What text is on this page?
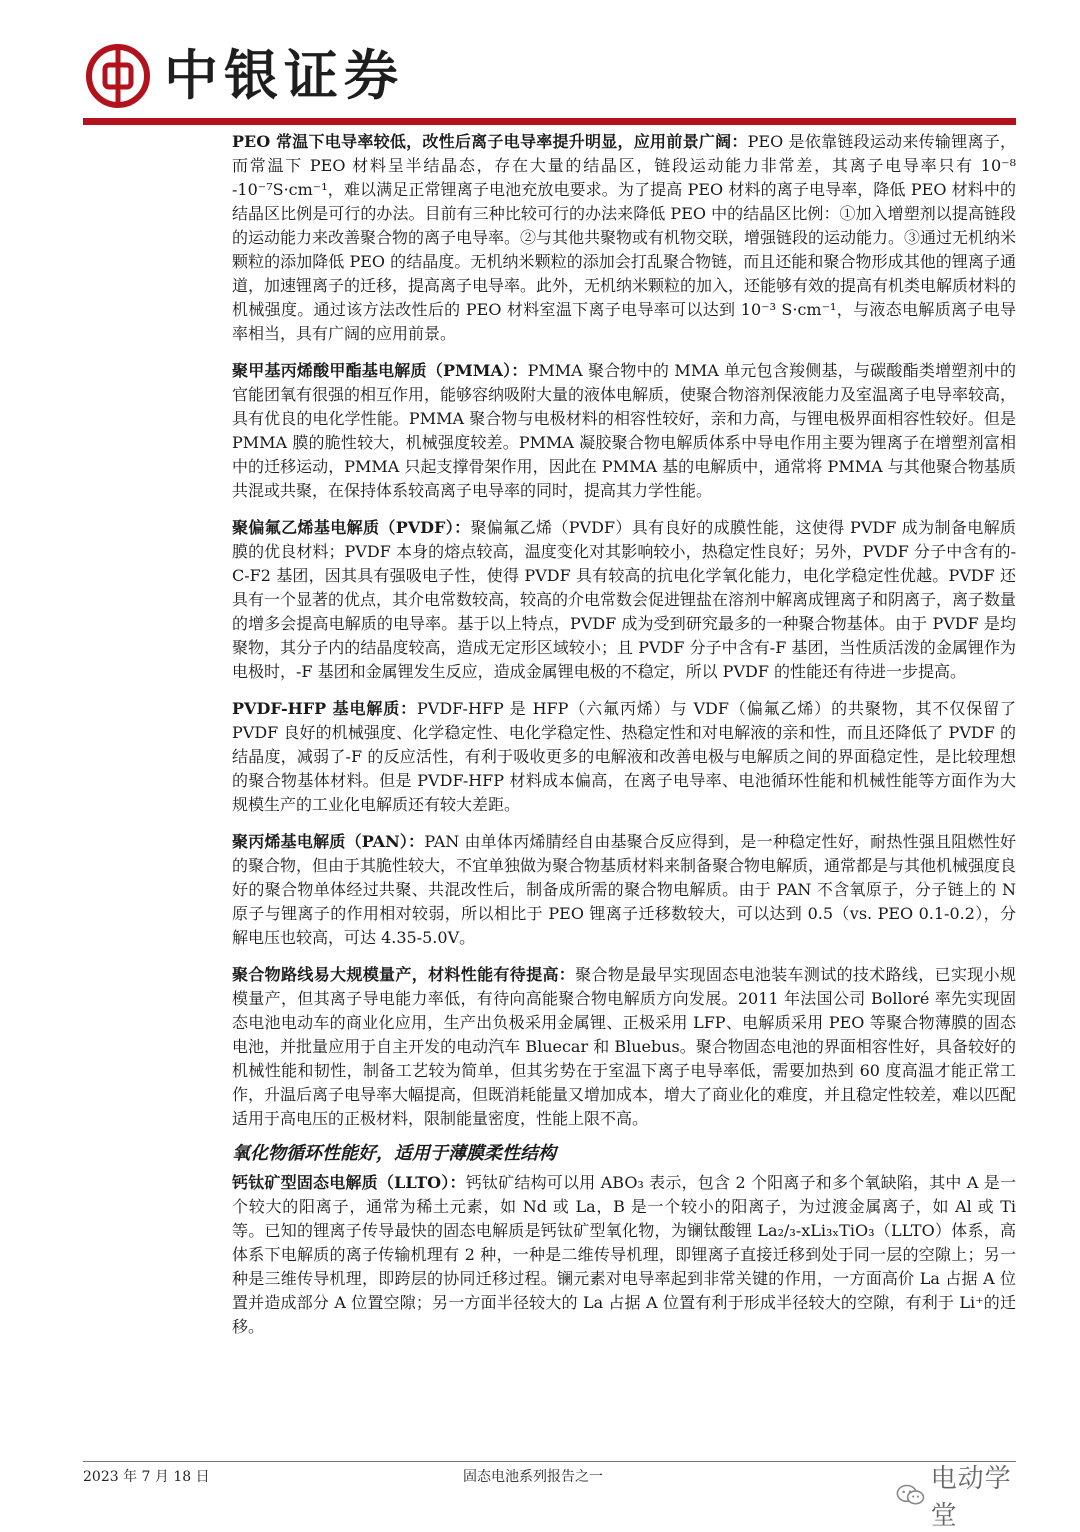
中银证券

PEO 常温下电导率较低，改性后离子电导率提升明显，应用前景广阔：PEO 是依靠链段运动来传输锂离子，而常温下 PEO 材料呈半结晶态，存在大量的结晶区，链段运动能力非常差，其离子电导率只有 10⁻⁸ -10⁻⁷S·cm⁻¹，难以满足正常锂离子电池充放电要求。为了提高 PEO 材料的离子电导率，降低 PEO 材料中的结晶区比例是可行的办法。目前有三种比较可行的办法来降低 PEO 中的结晶区比例：①加入增塑剂以提高链段的运动能力来改善聚合物的离子电导率。②与其他共聚物或有机物交联，增强链段的运动能力。③通过无机纳米颗粒的添加降低 PEO 的结晶度。无机纳米颗粒的添加会打乱聚合物链，而且还能和聚合物形成其他的锂离子通道，加速锂离子的迁移，提高离子电导率。此外，无机纳米颗粒的加入，还能够有效的提高有机类电解质材料的机械强度。通过该方法改性后的 PEO 材料室温下离子电导率可以达到 10⁻³ S·cm⁻¹，与液态电解质离子电导率相当，具有广阔的应用前景。

聚甲基丙烯酸甲酯基电解质（PMMA）：PMMA 聚合物中的 MMA 单元包含羧侧基，与碳酸酯类增塑剂中的官能团氧有很强的相互作用，能够容纳吸附大量的液体电解质，使聚合物溶剂保液能力及室温离子电导率较高，具有优良的电化学性能。PMMA 聚合物与电极材料的相容性较好，亲和力高，与锂电极界面相容性较好。但是 PMMA 膜的脆性较大，机械强度较差。PMMA 凝胶聚合物电解质体系中导电作用主要为锂离子在增塑剂富相中的迁移运动，PMMA 只起支撑骨架作用，因此在 PMMA 基的电解质中，通常将 PMMA 与其他聚合物基质共混或共聚，在保持体系较高离子电导率的同时，提高其力学性能。

聚偏氟乙烯基电解质（PVDF）：聚偏氟乙烯（PVDF）具有良好的成膜性能，这使得 PVDF 成为制备电解质膜的优良材料；PVDF 本身的熔点较高，温度变化对其影响较小，热稳定性良好；另外，PVDF 分子中含有的-C-F2 基团，因其具有强吸电子性，使得 PVDF 具有较高的抗电化学氧化能力，电化学稳定性优越。PVDF 还具有一个显著的优点，其介电常数较高，较高的介电常数会促进锂盐在溶剂中解离成锂离子和阴离子，离子数量的增多会提高电解质的电导率。基于以上特点，PVDF 成为受到研究最多的一种聚合物基体。由于 PVDF 是均聚物，其分子内的结晶度较高，造成无定形区域较小；且 PVDF 分子中含有-F 基团，当性质活泼的金属锂作为电极时，-F 基团和金属锂发生反应，造成金属锂电极的不稳定，所以 PVDF 的性能还有待进一步提高。

PVDF-HFP 基电解质：PVDF-HFP 是 HFP（六氟丙烯）与 VDF（偏氟乙烯）的共聚物，其不仅保留了 PVDF 良好的机械强度、化学稳定性、电化学稳定性、热稳定性和对电解液的亲和性，而且还降低了 PVDF 的结晶度，减弱了-F 的反应活性，有利于吸收更多的电解液和改善电极与电解质之间的界面稳定性，是比较理想的聚合物基体材料。但是 PVDF-HFP 材料成本偏高，在离子电导率、电池循环性能和机械性能等方面作为大规模生产的工业化电解质还有较大差距。

聚丙烯基电解质（PAN）：PAN 由单体丙烯腈经自由基聚合反应得到，是一种稳定性好，耐热性强且阻燃性好的聚合物，但由于其脆性较大，不宜单独做为聚合物基质材料来制备聚合物电解质，通常都是与其他机械强度良好的聚合物单体经过共聚、共混改性后，制备成所需的聚合物电解质。由于 PAN 不含氧原子，分子链上的 N 原子与锂离子的作用相对较弱，所以相比于 PEO 锂离子迁移数较大，可以达到 0.5（vs. PEO 0.1-0.2），分解电压也较高，可达 4.35-5.0V。

聚合物路线易大规模量产，材料性能有待提高：聚合物是最早实现固态电池装车测试的技术路线，已实现小规模量产，但其离子导电能力率低，有待向高能聚合物电解质方向发展。2011 年法国公司 Bolloré 率先实现固态电池电动车的商业化应用，生产出负极采用金属锂、正极采用 LFP、电解质采用 PEO 等聚合物薄膜的固态电池，并批量应用于自主开发的电动汽车 Bluecar 和 Bluebus。聚合物固态电池的界面相容性好，具备较好的机械性能和韧性，制备工艺较为简单，但其劣势在于室温下离子电导率低，需要加热到 60 度高温才能正常工作，升温后离子电导率大幅提高，但既消耗能量又增加成本，增大了商业化的难度，并且稳定性较差，难以匹配适用于高电压的正极材料，限制能量密度，性能上限不高。

氧化物循环性能好，适用于薄膜柔性结构

钙钛矿型固态电解质（LLTO）：钙钛矿结构可以用 ABO₃ 表示，包含 2 个阳离子和多个氧缺陷，其中 A 是一个较大的阳离子，通常为稀土元素，如 Nd 或 La，B 是一个较小的阳离子，为过渡金属离子，如 Al 或 Ti 等。已知的锂离子传导最快的固态电解质是钙钛矿型氧化物，为镧钛酸锂 La₂/₃-xLi₃ₓTiO₃（LLTO）体系，高体系下电解质的离子传输机理有 2 种，一种是二维传导机理，即锂离子直接迁移到处于同一层的空隙上；另一种是三维传导机理，即跨层的协同迁移过程。镧元素对电导率起到非常关键的作用，一方面高价 La 占据 A 位置并造成部分 A 位置空隙；另一方面半径较大的 La 占据 A 位置有利于形成半径较大的空隙，有利于 Li⁺的迁移。

2023 年 7 月 18 日	固态电池系列报告之一	电动学堂
